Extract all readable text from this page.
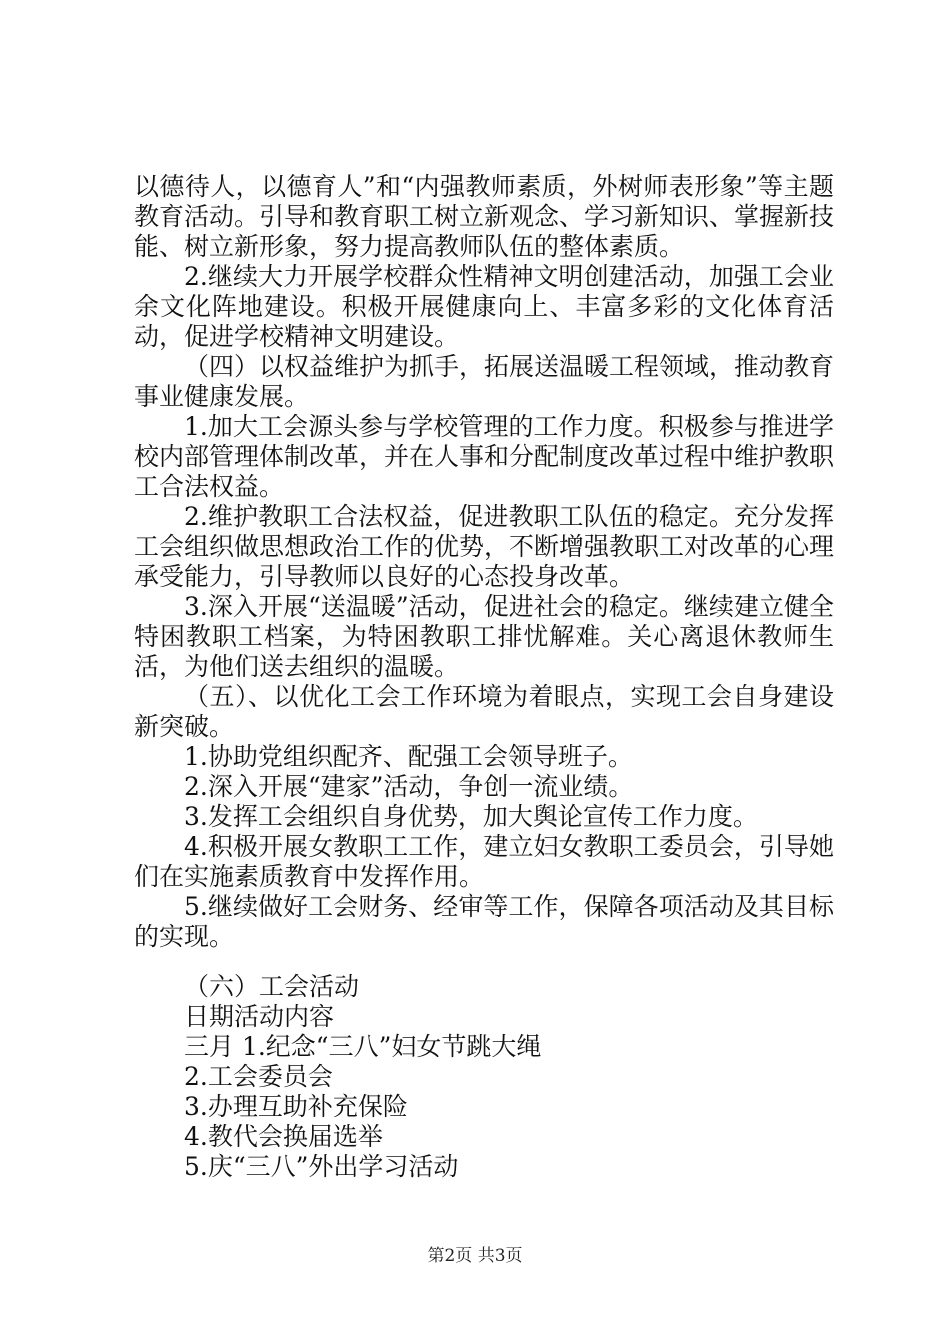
以德待人，以德育人”和“内强教师素质，外树师表形象”等主题教育活动。引导和教育职工树立新观念、学习新知识、掌握新技能、树立新形象，努力提高教师队伍的整体素质。

2.继续大力开展学校群众性精神文明创建活动，加强工会业余文化阵地建设。积极开展健康向上、丰富多彩的文化体育活动，促进学校精神文明建设。

（四）以权益维护为抓手，拓展送温暖工程领域，推动教育事业健康发展。

1.加大工会源头参与学校管理的工作力度。积极参与推进学校内部管理体制改革，并在人事和分配制度改革过程中维护教职工合法权益。

2.维护教职工合法权益，促进教职工队伍的稳定。充分发挥工会组织做思想政治工作的优势，不断增强教职工对改革的心理承受能力，引导教师以良好的心态投身改革。

3.深入开展“送温暖”活动，促进社会的稳定。继续建立健全特困教职工档案，为特困教职工排忧解难。关心离退休教师生活，为他们送去组织的温暖。

（五）、以优化工会工作环境为着眼点，实现工会自身建设新突破。

1.协助党组织配齐、配强工会领导班子。

2.深入开展“建家”活动，争创一流业绩。

3.发挥工会组织自身优势，加大舆论宣传工作力度。

4.积极开展女教职工工作，建立妇女教职工委员会，引导她们在实施素质教育中发挥作用。

5.继续做好工会财务、经审等工作，保障各项活动及其目标的实现。

（六）工会活动

日期活动内容

三月 1.纪念“三八”妇女节跳大绳

2.工会委员会

3.办理互助补充保险

4.教代会换届选举

5.庆“三八”外出学习活动

第2页 共3页
